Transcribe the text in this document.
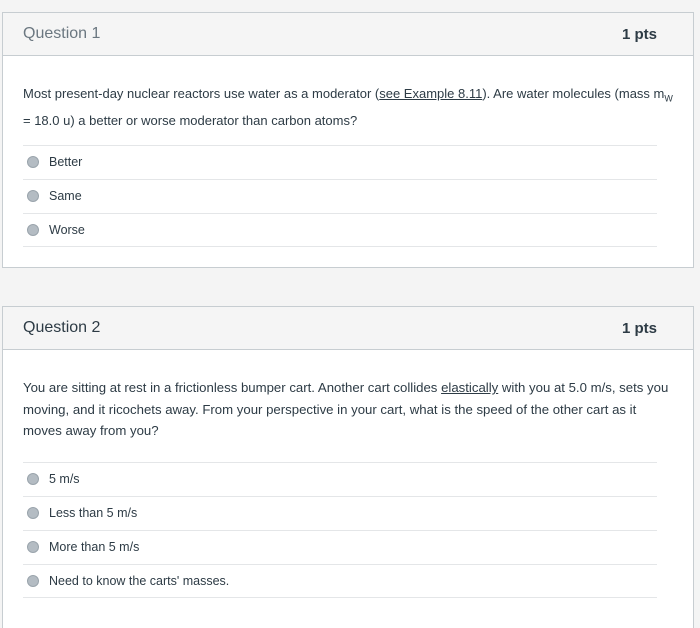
Question 1	1 pts
Most present-day nuclear reactors use water as a moderator (see Example 8.11). Are water molecules (mass $m_W = 18.0$ u) a better or worse moderator than carbon atoms?
Better
Same
Worse
Question 2	1 pts
You are sitting at rest in a frictionless bumper cart. Another cart collides elastically with you at 5.0 m/s, sets you moving, and it ricochets away. From your perspective in your cart, what is the speed of the other cart as it moves away from you?
5 m/s
Less than 5 m/s
More than 5 m/s
Need to know the carts' masses.
